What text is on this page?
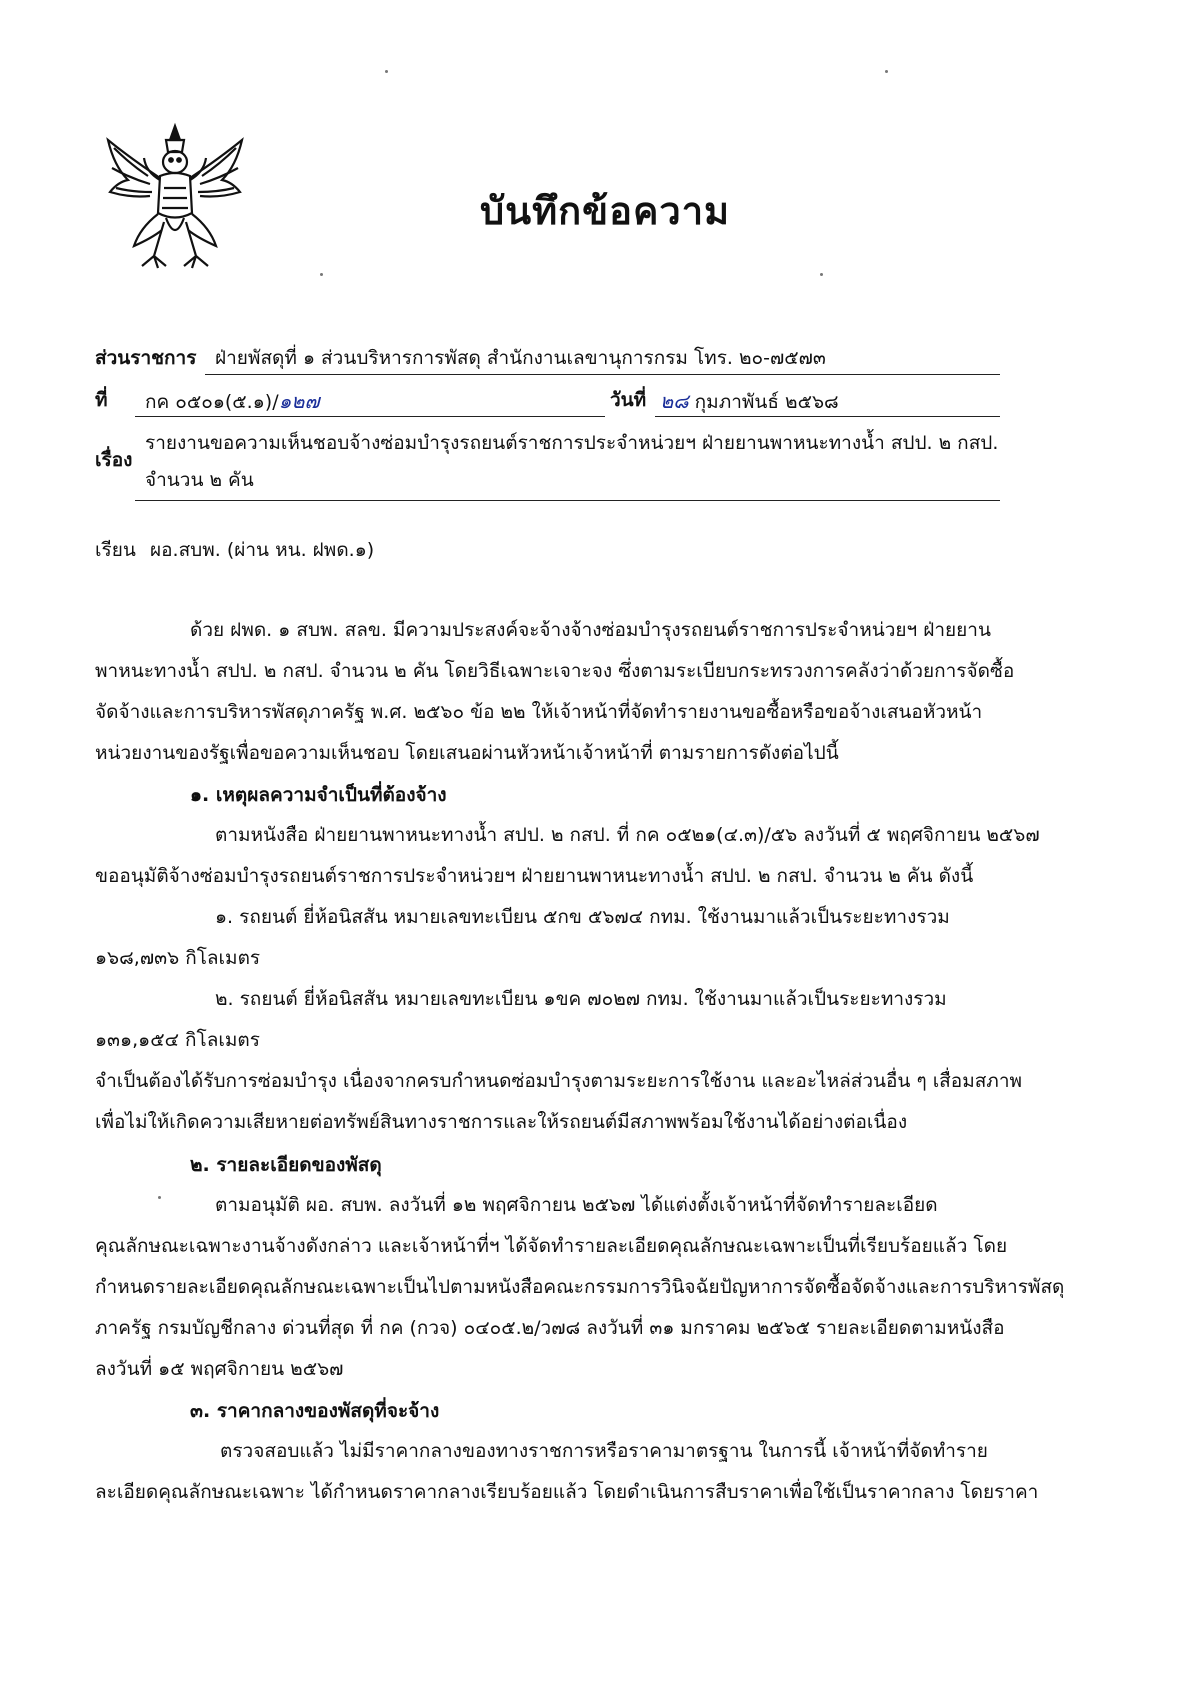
บันทึกข้อความ
ส่วนราชการ ฝ่ายพัสดุที่ ๑ ส่วนบริหารการพัสดุ สำนักงานเลขานุการกรม โทร. ๒๐-๗๕๗๓
ที่ กค ๐๕๐๑(๕.๑)/๑๒๗	วันที่ ๒๘ กุมภาพันธ์ ๒๕๖๘
เรื่อง
รายงานขอความเห็นชอบจ้างซ่อมบำรุงรถยนต์ราชการประจำหน่วยฯ ฝ่ายยานพาหนะทางน้ำ สปป. ๒ กสป.
จำนวน ๒ คัน
เรียน ผอ.สบพ. (ผ่าน หน. ฝพด.๑)
ด้วย ฝพด. ๑ สบพ. สลข. มีความประสงค์จะจ้างจ้างซ่อมบำรุงรถยนต์ราชการประจำหน่วยฯ ฝ่ายยาน
พาหนะทางน้ำ สปป. ๒ กสป. จำนวน ๒ คัน โดยวิธีเฉพาะเจาะจง ซึ่งตามระเบียบกระทรวงการคลังว่าด้วยการจัดซื้อ
จัดจ้างและการบริหารพัสดุภาครัฐ พ.ศ. ๒๕๖๐ ข้อ ๒๒ ให้เจ้าหน้าที่จัดทำรายงานขอซื้อหรือขอจ้างเสนอหัวหน้า
หน่วยงานของรัฐเพื่อขอความเห็นชอบ โดยเสนอผ่านหัวหน้าเจ้าหน้าที่ ตามรายการดังต่อไปนี้
๑. เหตุผลความจำเป็นที่ต้องจ้าง
ตามหนังสือ ฝ่ายยานพาหนะทางน้ำ สปป. ๒ กสป. ที่ กค ๐๕๒๑(๔.๓)/๕๖ ลงวันที่ ๕ พฤศจิกายน ๒๕๖๗
ขออนุมัติจ้างซ่อมบำรุงรถยนต์ราชการประจำหน่วยฯ ฝ่ายยานพาหนะทางน้ำ สปป. ๒ กสป. จำนวน ๒ คัน ดังนี้
๑. รถยนต์ ยี่ห้อนิสสัน หมายเลขทะเบียน ๕กข ๕๖๗๔ กทม. ใช้งานมาแล้วเป็นระยะทางรวม
๑๖๘,๗๓๖ กิโลเมตร
๒. รถยนต์ ยี่ห้อนิสสัน หมายเลขทะเบียน ๑ขค ๗๐๒๗ กทม. ใช้งานมาแล้วเป็นระยะทางรวม
๑๓๑,๑๕๔ กิโลเมตร
จำเป็นต้องได้รับการซ่อมบำรุง เนื่องจากครบกำหนดซ่อมบำรุงตามระยะการใช้งาน และอะไหล่ส่วนอื่น ๆ เสื่อมสภาพ
เพื่อไม่ให้เกิดความเสียหายต่อทรัพย์สินทางราชการและให้รถยนต์มีสภาพพร้อมใช้งานได้อย่างต่อเนื่อง
๒. รายละเอียดของพัสดุ
ตามอนุมัติ ผอ. สบพ. ลงวันที่ ๑๒ พฤศจิกายน ๒๕๖๗ ได้แต่งตั้งเจ้าหน้าที่จัดทำรายละเอียด
คุณลักษณะเฉพาะงานจ้างดังกล่าว และเจ้าหน้าที่ฯ ได้จัดทำรายละเอียดคุณลักษณะเฉพาะเป็นที่เรียบร้อยแล้ว โดย
กำหนดรายละเอียดคุณลักษณะเฉพาะเป็นไปตามหนังสือคณะกรรมการวินิจฉัยปัญหาการจัดซื้อจัดจ้างและการบริหารพัสดุ
ภาครัฐ กรมบัญชีกลาง ด่วนที่สุด ที่ กค (กวจ) ๐๔๐๕.๒/ว๗๘ ลงวันที่ ๓๑ มกราคม ๒๕๖๕ รายละเอียดตามหนังสือ
ลงวันที่ ๑๕ พฤศจิกายน ๒๕๖๗
๓. ราคากลางของพัสดุที่จะจ้าง
ตรวจสอบแล้ว ไม่มีราคากลางของทางราชการหรือราคามาตรฐาน ในการนี้ เจ้าหน้าที่จัดทำราย
ละเอียดคุณลักษณะเฉพาะ ได้กำหนดราคากลางเรียบร้อยแล้ว โดยดำเนินการสืบราคาเพื่อใช้เป็นราคากลาง โดยราคา
